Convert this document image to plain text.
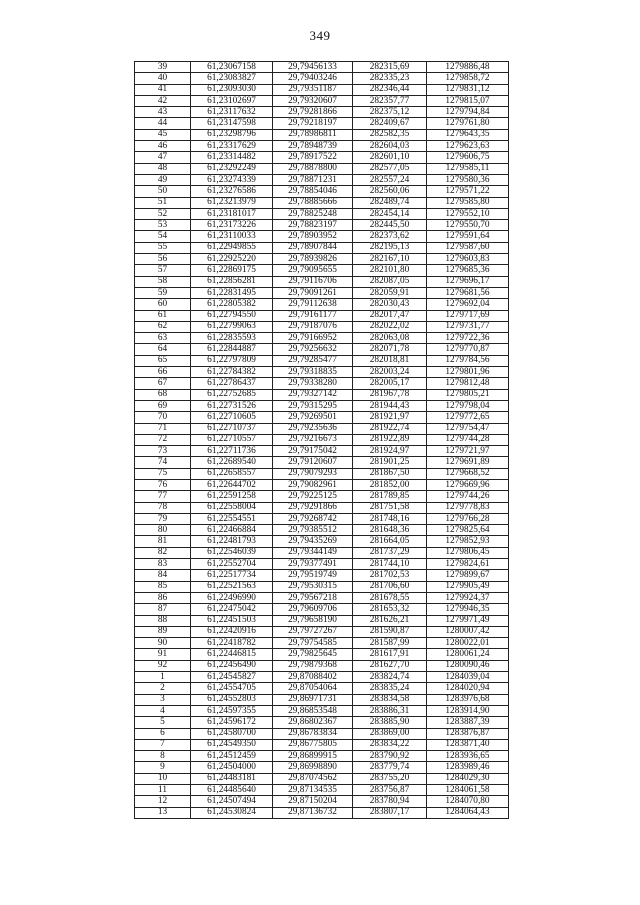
349
39	61,23067158	29,79456133	282315,69	1279886,48
40	61,23083827	29,79403246	282335,23	1279858,72
41	61,23093030	29,79351187	282346,44	1279831,12
42	61,23102697	29,79320607	282357,77	1279815,07
43	61,23117632	29,79281866	282375,12	1279794,84
44	61,23147598	29,79218197	282409,67	1279761,80
45	61,23298796	29,78986811	282582,35	1279643,35
46	61,23317629	29,78948739	282604,03	1279623,63
47	61,23314482	29,78917522	282601,10	1279606,75
48	61,23292249	29,78878800	282577,05	1279585,11
49	61,23274339	29,78871231	282557,24	1279580,36
50	61,23276586	29,78854046	282560,06	1279571,22
51	61,23213979	29,78885666	282489,74	1279585,80
52	61,23181017	29,78825248	282454,14	1279552,10
53	61,23173226	29,78823197	282445,50	1279550,70
54	61,23110033	29,78903952	282373,62	1279591,64
55	61,22949855	29,78907844	282195,13	1279587,60
56	61,22925220	29,78939826	282167,10	1279603,83
57	61,22869175	29,79095655	282101,80	1279685,36
58	61,22856281	29,79116706	282087,05	1279696,17
59	61,22831495	29,79091261	282059,91	1279681,56
60	61,22805382	29,79112638	282030,43	1279692,04
61	61,22794550	29,79161177	282017,47	1279717,69
62	61,22799063	29,79187076	282022,02	1279731,77
63	61,22835593	29,79166952	282063,08	1279722,36
64	61,22844887	29,79256632	282071,78	1279770,87
65	61,22797809	29,79285477	282018,81	1279784,56
66	61,22784382	29,79318835	282003,24	1279801,96
67	61,22786437	29,79338280	282005,17	1279812,48
68	61,22752685	29,79327142	281967,78	1279805,21
69	61,22731526	29,79315295	281944,43	1279798,04
70	61,22710605	29,79269501	281921,97	1279772,65
71	61,22710737	29,79235636	281922,74	1279754,47
72	61,22710557	29,79216673	281922,89	1279744,28
73	61,22711736	29,79175042	281924,97	1279721,97
74	61,22689540	29,79120607	281901,25	1279691,89
75	61,22658557	29,79079293	281867,50	1279668,52
76	61,22644702	29,79082961	281852,00	1279669,96
77	61,22591258	29,79225125	281789,85	1279744,26
78	61,22558004	29,79291866	281751,58	1279778,83
79	61,22554551	29,79268742	281748,16	1279766,28
80	61,22466884	29,79385512	281648,36	1279825,64
81	61,22481793	29,79435269	281664,05	1279852,93
82	61,22546039	29,79344149	281737,29	1279806,45
83	61,22552704	29,79377491	281744,10	1279824,61
84	61,22517734	29,79519749	281702,53	1279899,67
85	61,22521563	29,79530315	281706,60	1279905,49
86	61,22496990	29,79567218	281678,55	1279924,37
87	61,22475042	29,79609706	281653,32	1279946,35
88	61,22451503	29,79658190	281626,21	1279971,49
89	61,22420916	29,79727267	281590,87	1280007,42
90	61,22418782	29,79754585	281587,99	1280022,01
91	61,22446815	29,79825645	281617,91	1280061,24
92	61,22456490	29,79879368	281627,70	1280090,46
1	61,24545827	29,87088402	283824,74	1284039,04
2	61,24554705	29,87054064	283835,24	1284020,94
3	61,24552803	29,86971731	283834,58	1283976,68
4	61,24597355	29,86853548	283886,31	1283914,90
5	61,24596172	29,86802367	283885,90	1283887,39
6	61,24580700	29,86783834	283869,00	1283876,87
7	61,24549350	29,86775805	283834,22	1283871,40
8	61,24512459	29,86899915	283790,92	1283936,65
9	61,24504000	29,86998890	283779,74	1283989,46
10	61,24483181	29,87074562	283755,20	1284029,30
11	61,24485640	29,87134535	283756,87	1284061,58
12	61,24507494	29,87150204	283780,94	1284070,80
13	61,24530824	29,87136732	283807,17	1284064,43
